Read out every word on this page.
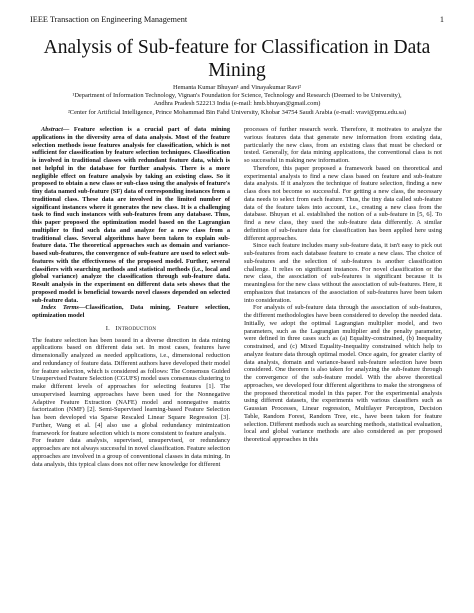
IEEE Transaction on Engineering Management	1
Analysis of Sub-feature for Classification in Data Mining
Hemanta Kumar Bhuyan¹ and Vinayakumar Ravi²
¹Department of Information Technology, Vignan's Foundation for Science, Technology and Research (Deemed to be University),
Andhra Pradesh 522213 India (e-mail: hmb.bhuyan@gmail.com)
²Center for Artificial Intelligence, Prince Mohammad Bin Fahd University, Khobar 34754 Saudi Arabia (e-mail: vravi@pmu.edu.sa)

Abstract— Feature selection is a crucial part of data mining applications in the diversity area of data analysis. Most of the feature selection methods issue features analysis for classification, which is not sufficient for classification by feature selection techniques. Classification is involved in traditional classes with redundant feature data, which is not helpful in the database for further analysis. There is a more negligible effect on feature analysis by taking an existing class. So it proposed to obtain a new class or sub-class using the analysis of feature's tiny data named sub-feature (SF) data of corresponding instances from a traditional class. These data are involved in the limited number of significant instances where it generates the new class. It is a challenging task to find such instances with sub-features from any database. Thus, this paper proposed the optimization model based on the Lagrangian multiplier to find such data and analyze for a new class from a traditional class. Several algorithms have been taken to explain sub-feature data. The theoretical approaches such as domain and variance-based sub-features, the convergence of sub-feature are used to select sub-features with the effectiveness of the proposed model. Further, several classifiers with searching methods and statistical methods (i.e., local and global variance) analyze the classification through sub-feature data. Result analysis in the experiment on different data sets shows that the proposed model is beneficial towards novel classes depended on selected sub-feature data.

Index Terms—Classification, Data mining, Feature selection, optimization model

I. Introduction

The feature selection has been issued in a diverse direction in data mining applications based on different data set. In most cases, features have dimensionally analyzed as needed applications, i.e., dimensional reduction and redundancy of feature data. Different authors have developed their model for feature selection, which is considered as follows: The Consensus Guided Unsupervised Feature Selection (CGUFS) model uses consensus clustering to make different levels of approaches for selecting features [1]. The unsupervised learning approaches have been used for the Nonnegative Adaptive Feature Extraction (NAFE) model and nonnegative matrix factorization (NMF) [2]. Semi-Supervised learning-based Feature Selection has been developed via Sparse Rescaled Linear Square Regression [3]. Further, Wang et al. [4] also use a global redundancy minimization framework for feature selection which is more consistent to feature analysis.

For feature data analysis, supervised, unsupervised, or redundancy approaches are not always successful in novel classification. Feature selection approaches are involved in a group of conventional classes in data mining. In data analysis, this typical class does not offer new knowledge for different

processes of further research work. Therefore, it motivates to analyze the various features data that generate new information from existing data, particularly the new class, from an existing class that must be checked or tested. Generally, for data mining applications, the conventional class is not so successful in making new information.

Therefore, this paper proposed a framework based on theoretical and experimental analysis to find a new class based on feature and sub-feature data analysis. If it analyzes the technique of feature selection, finding a new class does not become so successful. For getting a new class, the necessary data needs to select from each feature. Thus, the tiny data called sub-feature data of the feature takes into account, i.e., creating a new class from the database. Bhuyan et al. established the notion of a sub-feature in [5, 6]. To find a new class, they used the sub-feature data differently. A similar definition of sub-feature data for classification has been applied here using different approaches.

Since each feature includes many sub-feature data, it isn't easy to pick out sub-features from each database feature to create a new class. The choice of sub-features and the selection of sub-features is another classification challenge. It relies on significant instances. For novel classification or the new class, the association of sub-features is significant because it is meaningless for the new class without the association of sub-features. Here, it emphasizes that instances of the association of sub-features have been taken into consideration.

For analysis of sub-feature data through the association of sub-features, the different methodologies have been considered to develop the needed data. Initially, we adopt the optimal Lagrangian multiplier model, and two parameters, such as the Lagrangian multiplier and the penalty parameter, were defined in three cases such as (a) Equality-constrained, (b) Inequality constrained, and (c) Mixed Equality-Inequality constrained which help to analyze feature data through optimal model. Once again, for greater clarity of data analysis, domain and variance-based sub-feature selection have been considered. One theorem is also taken for analyzing the sub-feature through the convergence of the sub-feature model. With the above theoretical approaches, we developed four different algorithms to make the strongness of the proposed theoretical model in this paper. For the experimental analysis using different datasets, the experiments with various classifiers such as Gaussian Processes, Linear regression, Multilayer Perceptron, Decision Table, Random Forest, Random Tree, etc., have been taken for feature selection. Different methods such as searching methods, statistical evaluation, local and global variance methods are also considered as per proposed theoretical approaches in this
